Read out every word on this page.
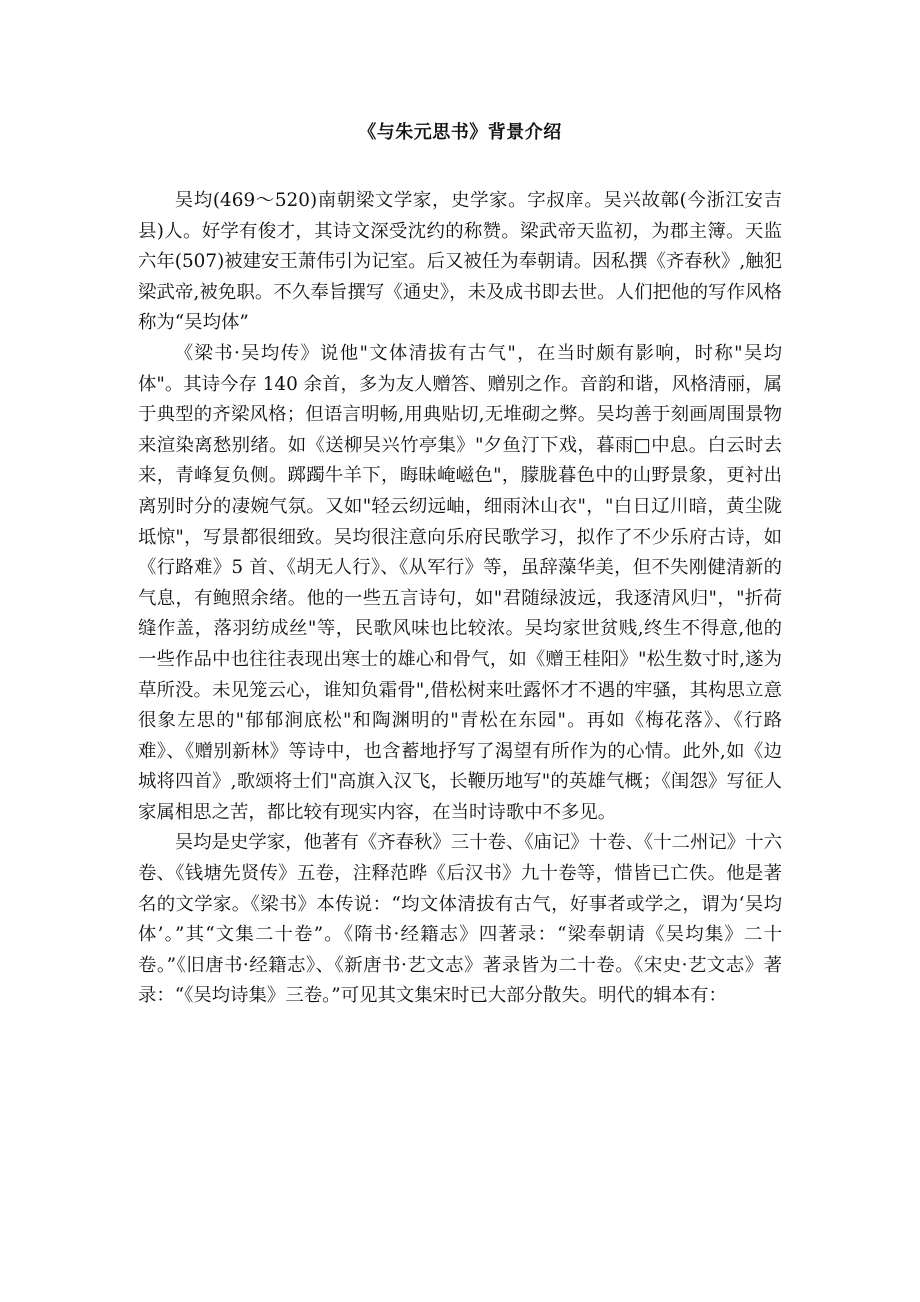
《与朱元思书》背景介绍

吴均(469～520)南朝梁文学家，史学家。字叔庠。吴兴故鄣(今浙江安吉县)人。好学有俊才，其诗文深受沈约的称赞。梁武帝天监初，为郡主簿。天监六年(507)被建安王萧伟引为记室。后又被任为奉朝请。因私撰《齐春秋》,触犯梁武帝,被免职。不久奉旨撰写《通史》，未及成书即去世。人们把他的写作风格称为“吴均体”

《梁书·吴均传》说他"文体清拔有古气"，在当时颇有影响，时称"吴均体"。其诗今存 140 余首，多为友人赠答、赠别之作。音韵和谐，风格清丽，属于典型的齐梁风格；但语言明畅,用典贴切,无堆砌之弊。吴均善于刻画周围景物来渲染离愁别绪。如《送柳吴兴竹亭集》"夕鱼汀下戏，暮雨□中息。白云时去来，青峰复负侧。踯躅牛羊下，晦昧崦嵫色"，朦胧暮色中的山野景象，更衬出离别时分的凄婉气氛。又如"轻云纫远岫，细雨沐山衣"，"白日辽川暗，黄尘陇坻惊"，写景都很细致。吴均很注意向乐府民歌学习，拟作了不少乐府古诗，如《行路难》5 首、《胡无人行》、《从军行》等，虽辞藻华美，但不失刚健清新的气息，有鲍照余绪。他的一些五言诗句，如"君随绿波远，我逐清风归"，"折荷缝作盖，落羽纺成丝"等，民歌风味也比较浓。吴均家世贫贱,终生不得意,他的一些作品中也往往表现出寒士的雄心和骨气，如《赠王桂阳》"松生数寸时,遂为草所没。未见笼云心，谁知负霜骨",借松树来吐露怀才不遇的牢骚，其构思立意很象左思的"郁郁涧底松"和陶渊明的"青松在东园"。再如《梅花落》、《行路难》、《赠别新林》等诗中，也含蓄地抒写了渴望有所作为的心情。此外,如《边城将四首》,歌颂将士们"高旗入汉飞，长鞭历地写"的英雄气概；《闺怨》写征人家属相思之苦，都比较有现实内容，在当时诗歌中不多见。

吴均是史学家，他著有《齐春秋》三十卷、《庙记》十卷、《十二州记》十六卷、《钱塘先贤传》五卷，注释范晔《后汉书》九十卷等，惜皆已亡佚。他是著名的文学家。《梁书》本传说：“均文体清拔有古气，好事者或学之，谓为‘吴均体’。”其“文集二十卷”。《隋书·经籍志》四著录：“梁奉朝请《吴均集》二十卷。”《旧唐书·经籍志》、《新唐书·艺文志》著录皆为二十卷。《宋史·艺文志》著录：“《吴均诗集》三卷。”可见其文集宋时已大部分散失。明代的辑本有：
